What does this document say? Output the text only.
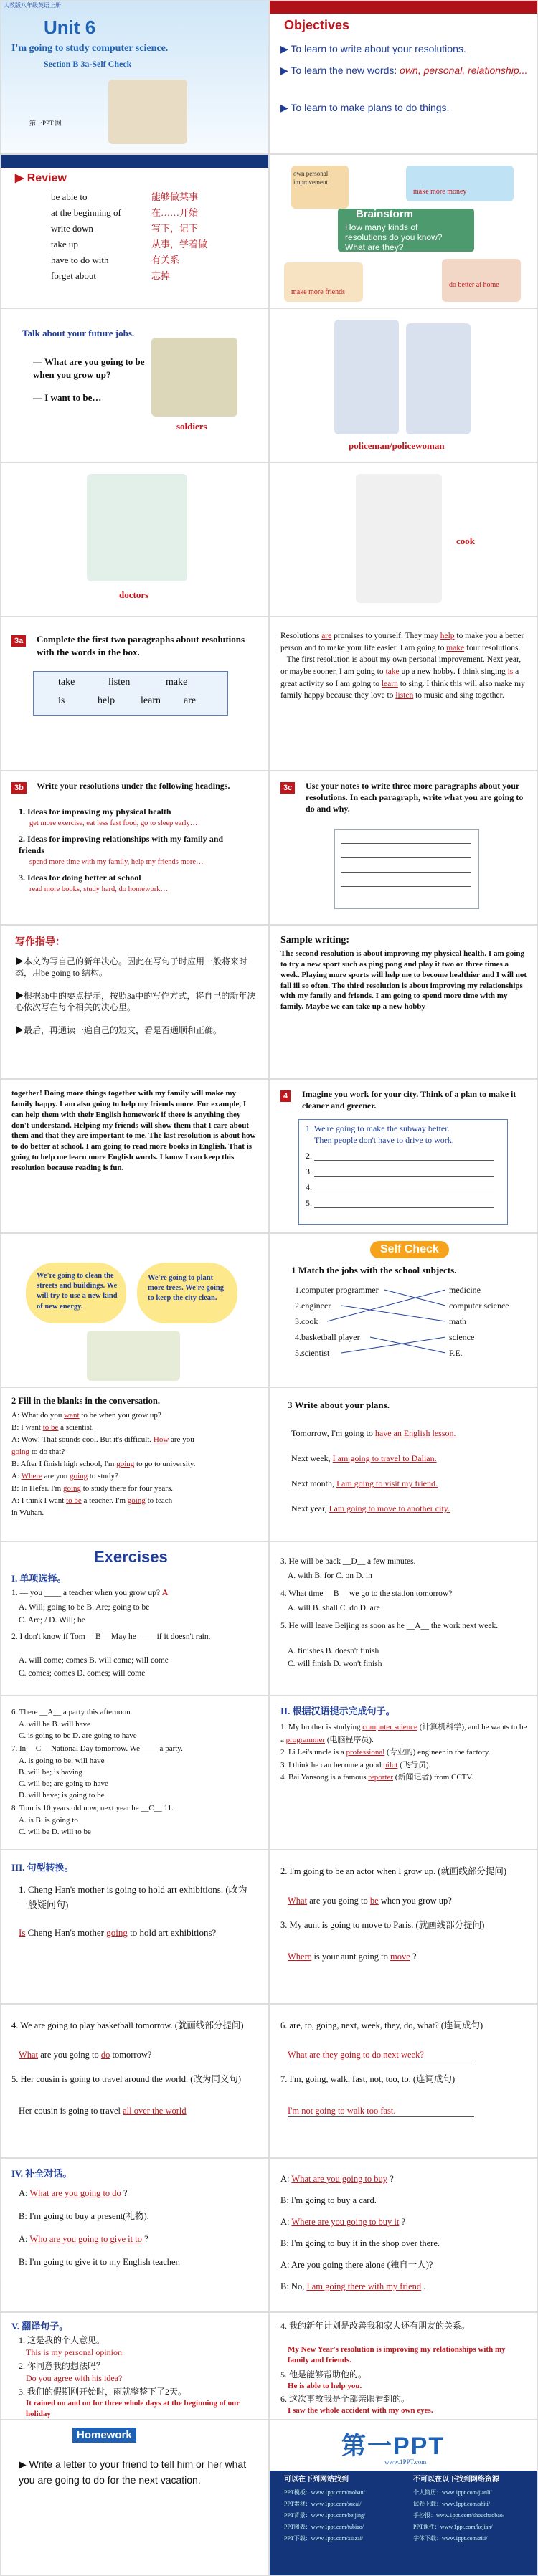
人教版八年级英语上册
Unit 6
I'm going to study computer science.
Section B 3a-Self Check
第一PPT 网
Objectives
▶ To learn to write about your resolutions.
▶ To learn the new words: own, personal, relationship...
▶ To learn to make plans to do things.
▶ Review
be able to	能够做某事
at the beginning of	在……开始
write down	写下，记下
take up	从事，学着做
have to do with	有关系
forget about	忘掉
own personal improvement
make more money
Brainstorm
How many kinds of
resolutions do you know?
What are they?
make more friends
do better at home
Talk about your future jobs.
— What are you going to be when you grow up?
— I want to be…
soldiers
policeman/policewoman
doctors
cook
3a	Complete the first two paragraphs about resolutions with the words in the box.
take	listen	make
is	help	learn are
Resolutions are promises to yourself. They may help to make you a better person and to make your life easier. I am going to make four resolutions.
The first resolution is about my own personal improvement. Next year, or maybe sooner, I am going to take up a new hobby. I think singing is a great activity so I am going to learn to sing. I think this will also make my family happy because they love to listen to music and sing together.
3b	Write your resolutions under the following headings.
1. Ideas for improving my physical health
get more exercise, eat less fast food, go to sleep early…
2. Ideas for improving relationships with my family and friends
spend more time with my family, help my friends more…
3. Ideas for doing better at school
read more books, study hard, do homework…
3c	Use your notes to write three more paragraphs about your resolutions. In each paragraph, write what you are going to do and why.
写作指导：
▶本文为写自己的新年决心。因此在写句子时应用一般将来时态，用be going to 结构。
▶根据3b中的要点提示，按照3a中的写作方式，将自己的新年决心依次写在每个相关的决心里。
▶最后，再通读一遍自己的短文，看是否通顺和正确。
Sample writing:
The second resolution is about improving my physical health. I am going to try a new sport such as ping pong and play it two or three times a week. Playing more sports will help me to become healthier and I will not fall ill so often. The third resolution is about improving my relationships with my family and friends. I am going to spend more time with my family. Maybe we can take up a new hobby
together! Doing more things together with my family will make my family happy. I am also going to help my friends more. For example, I can help them with their English homework if there is anything they don't understand. Helping my friends will show them that I care about them and that they are important to me. The last resolution is about how to do better at school. I am going to read more books in English. That is going to help me learn more English words. I know I can keep this resolution because reading is fun.
4	Imagine you work for your city. Think of a plan to make it cleaner and greener.
1. We're going to make the subway better.
Then people don't have to drive to work.
2.
3.
4.
5.
We're going to clean the streets and buildings. We will try to use a new kind of new energy.
We're going to plant more trees. We're going to keep the city clean.
Self Check
1 Match the jobs with the school subjects.
1.computer programmer
2.engineer
3.cook
4.basketball player
5.scientist
medicine
computer science
math
science
P.E.
2 Fill in the blanks in the conversation.
A: What do you want to be when you grow up?
B: I want to be a scientist.
A: Wow! That sounds cool. But it's difficult. How are you
going to do that?
B: After I finish high school, I'm going to go to university.
A: Where are you going to study?
B: In Hefei. I'm going to study there for four years.
A: I think I want to be a teacher. I'm going to teach
in Wuhan.
3 Write about your plans.
Tomorrow, I'm going to have an English lesson.
Next week, I am going to travel to Dalian.
Next month, I am going to visit my friend.
Next year, I am going to move to another city.
Exercises
I. 单项选择。
1. — you ____ a teacher when you grow up? A
A. Will; going to be B. Are; going to be
C. Are; / D. Will; be
2. I don't know if Tom __B__ May he ____ if it doesn't rain.
A. will come; comes B. will come; will come
C. comes; comes D. comes; will come
3. He will be back __D__ a few minutes.
A. with B. for C. on D. in
4. What time __B__ we go to the station tomorrow?
A. will B. shall C. do D. are
5. He will leave Beijing as soon as he __A__ the work next week.
A. finishes B. doesn't finish
C. will finish D. won't finish
6. There __A__ a party this afternoon.
A. will be B. will have
C. is going to be D. are going to have
7. In __C__ National Day tomorrow. We ____ a party.
A. is going to be; will have
B. will be; is having
C. will be; are going to have
D. will have; is going to be
8. Tom is 10 years old now, next year he __C__ 11.
A. is B. is going to
C. will be D. will to be
II. 根据汉语提示完成句子。
1. My brother is studying computer science (计算机科学), and he wants to be a programmer (电脑程序员).
2. Li Lei's uncle is a professional (专业的) engineer in the factory.
3. I think he can become a good pilot (飞行员).
4. Bai Yansong is a famous reporter (新闻记者) from CCTV.
III. 句型转换。
1. Cheng Han's mother is going to hold art exhibitions. (改为一般疑问句)
Is Cheng Han's mother going to hold art exhibitions?
2. I'm going to be an actor when I grow up. (就画线部分提问)
What are you going to be when you grow up?
3. My aunt is going to move to Paris. (就画线部分提问)
Where is your aunt going to move ?
4. We are going to play basketball tomorrow. (就画线部分提问)
What are you going to do tomorrow?
5. Her cousin is going to travel around the world. (改为同义句)
Her cousin is going to travel all over the world
6. are, to, going, next, week, they, do, what? (连词成句)
What are they going to do next week?
7. I'm, going, walk, fast, not, too, to. (连词成句)
I'm not going to walk too fast.
IV. 补全对话。
A: What are you going to do ?
B: I'm going to buy a present(礼物).
A: Who are you going to give it to ?
B: I'm going to give it to my English teacher.
A: What are you going to buy ?
B: I'm going to buy a card.
A: Where are you going to buy it ?
B: I'm going to buy it in the shop over there.
A: Are you going there alone (独自一人)?
B: No, I am going there with my friend .
V. 翻译句子。
1. 这是我的个人意见。
This is my personal opinion.
2. 你同意我的想法吗？
Do you agree with his idea?
3. 我们的假期刚开始时，雨就整整下了2天。
It rained on and on for three whole days at the beginning of our holiday
4. 我的新年计划是改善我和家人还有朋友的关系。
My New Year's resolution is improving my relationships with my family and friends.
5. 他是能够帮助他的。
He is able to help you.
6. 这次事故我是全部亲眼看到的。
I saw the whole accident with my own eyes.
Homework
▶ Write a letter to your friend to tell him or her what you are going to do for the next vacation.
第一PPT
www.1PPT.com
可以在下列网站找到	不可以在以下找到网络资源
PPT模板：www.1ppt.com/moban/
PPT素材：www.1ppt.com/sucai/
PPT背景：www.1ppt.com/beijing/
PPT图表：www.1ppt.com/tubiao/
PPT下载：www.1ppt.com/xiazai/
个人简历：www.1ppt.com/jianli/
试卷下载：www.1ppt.com/shiti/
手抄报：www.1ppt.com/shouchaobao/
PPT课件：www.1ppt.com/kejian/
字体下载：www.1ppt.com/ziti/
